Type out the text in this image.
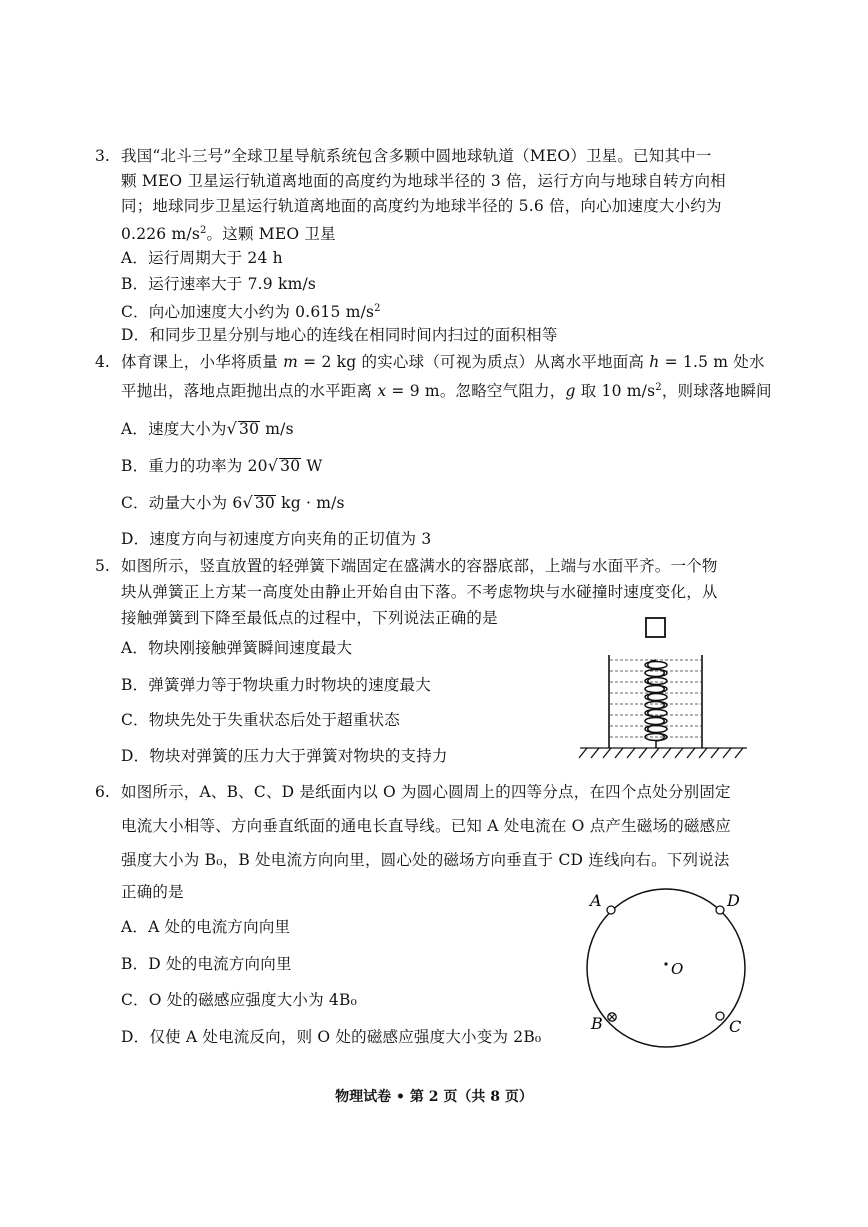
3. 我国“北斗三号”全球卫星导航系统包含多颗中圆地球轨道（MEO）卫星。已知其中一
颗 MEO 卫星运行轨道离地面的高度约为地球半径的 3 倍，运行方向与地球自转方向相
同；地球同步卫星运行轨道离地面的高度约为地球半径的 5.6 倍，向心加速度大小约为
0.226 $m/s^2$。这颗 MEO 卫星
A．运行周期大于 24 h
B．运行速率大于 7.9 km/s
C．向心加速度大小约为 0.615 $m/s^2$
D．和同步卫星分别与地心的连线在相同时间内扫过的面积相等
4. 体育课上，小华将质量 m = 2 kg 的实心球（可视为质点）从离水平地面高 h = 1.5 m 处水
平抛出，落地点距抛出点的水平距离 x = 9 m。忽略空气阻力，g 取 10 $m/s^2$，则球落地瞬间
A．速度大小为√ 30 m/s
B．重力的功率为 20√ 30 W
C．动量大小为 6√ 30 kg · m/s
D．速度方向与初速度方向夹角的正切值为 3
5. 如图所示，竖直放置的轻弹簧下端固定在盛满水的容器底部，上端与水面平齐。一个物
块从弹簧正上方某一高度处由静止开始自由下落。不考虑物块与水碰撞时速度变化，从
接触弹簧到下降至最低点的过程中，下列说法正确的是
A．物块刚接触弹簧瞬间速度最大
B．弹簧弹力等于物块重力时物块的速度最大
C．物块先处于失重状态后处于超重状态
D．物块对弹簧的压力大于弹簧对物块的支持力
6. 如图所示，A、B、C、D 是纸面内以 O 为圆心圆周上的四等分点，在四个点处分别固定
电流大小相等、方向垂直纸面的通电长直导线。已知 A 处电流在 O 点产生磁场的磁感应
强度大小为 B₀，B 处电流方向向里，圆心处的磁场方向垂直于 CD 连线向右。下列说法
正确的是
A．A 处的电流方向向里
B．D 处的电流方向向里
C．O 处的磁感应强度大小为 4B₀
D．仅使 A 处电流反向，则 O 处的磁感应强度大小变为 2B₀
A	D
B	C
O
物理试卷 • 第 2 页（共 8 页）
